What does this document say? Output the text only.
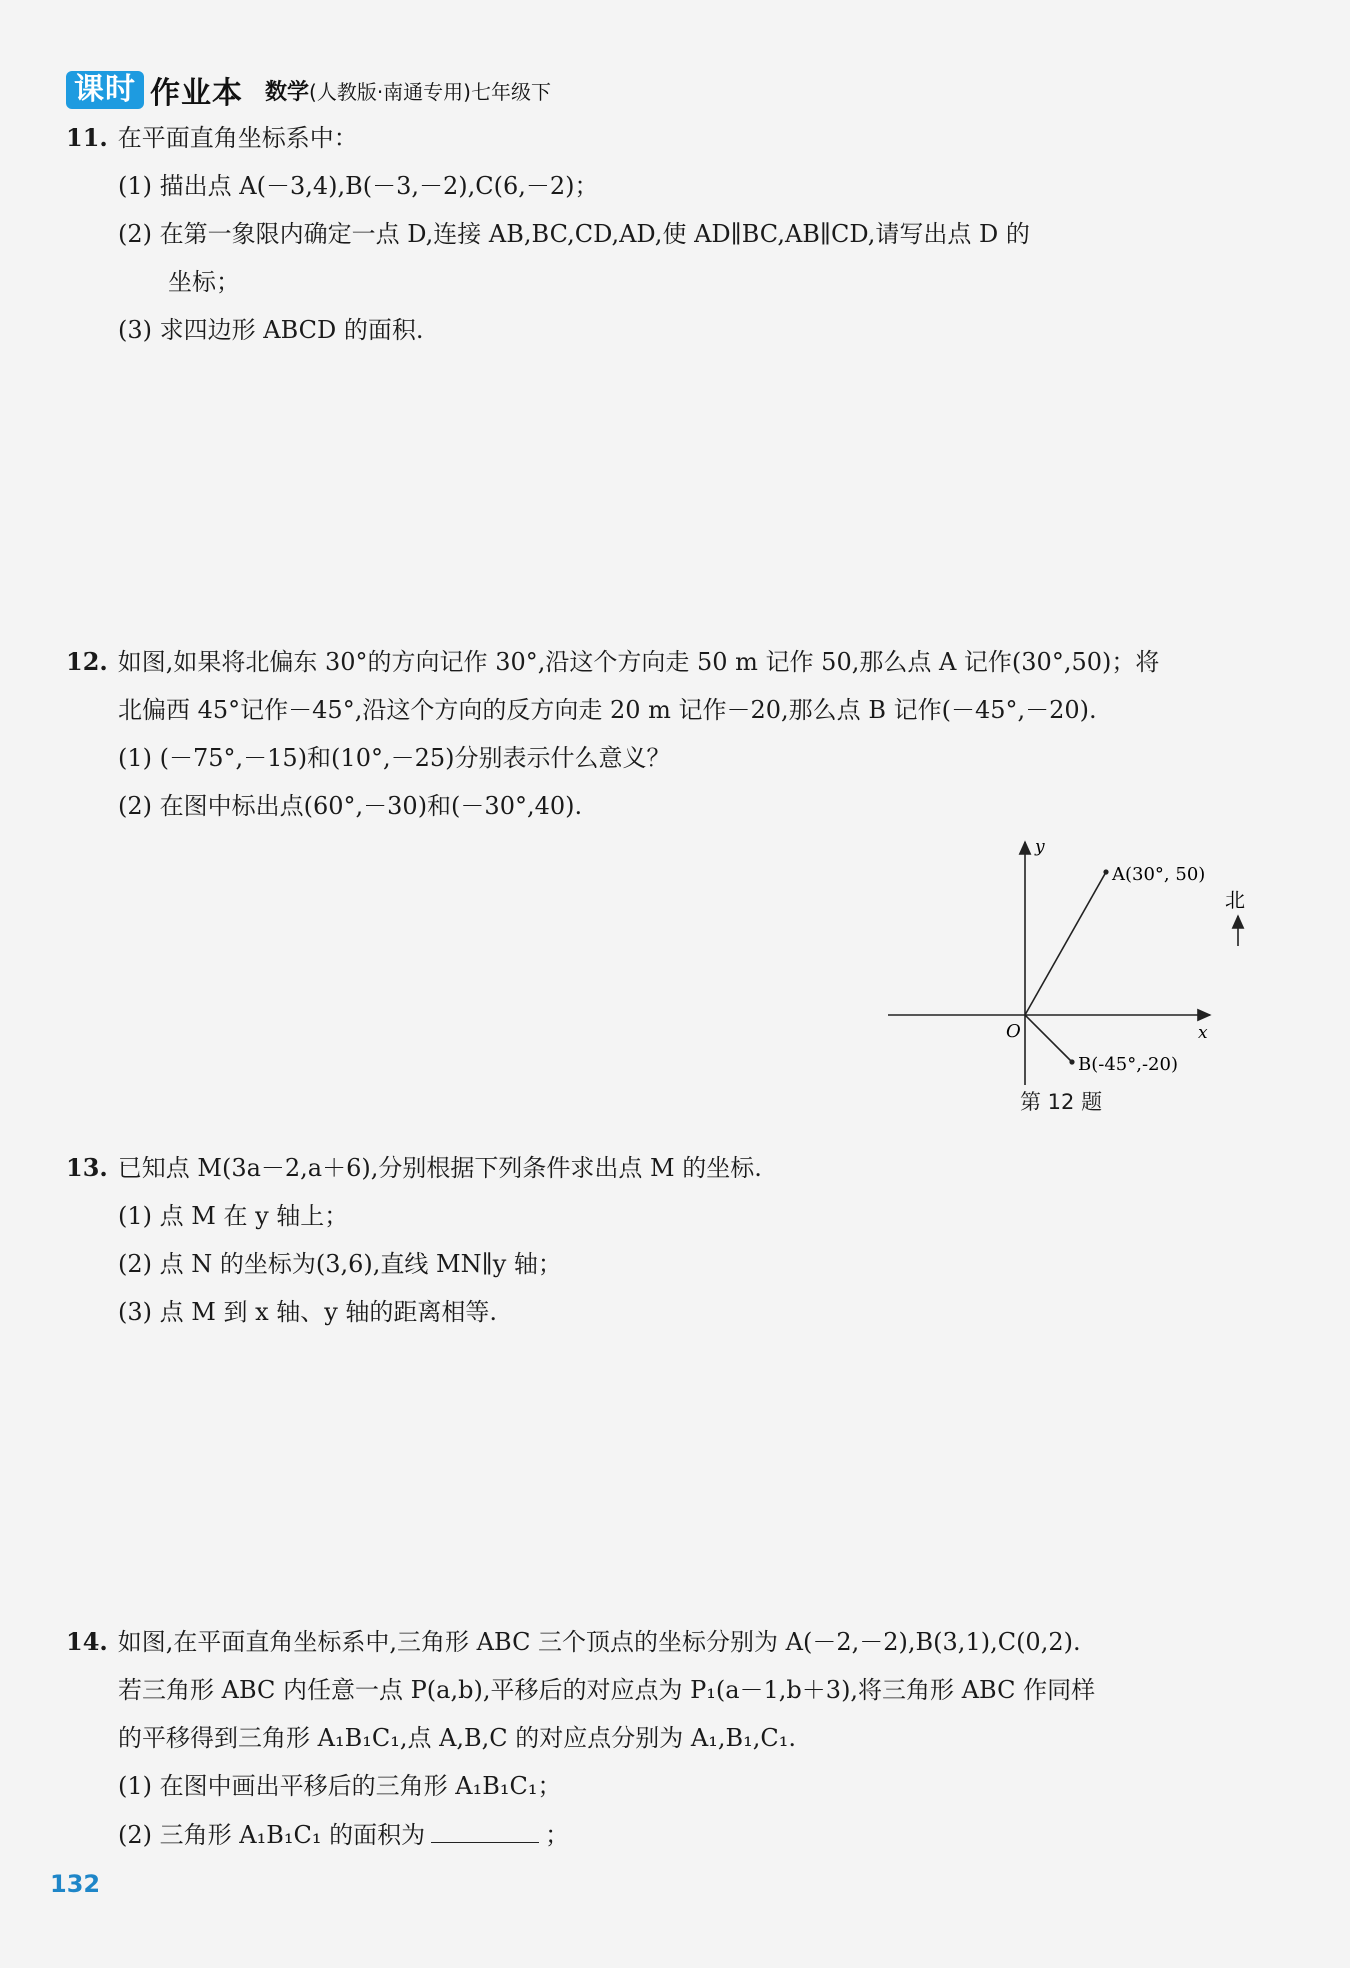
课时 作业本 数学(人教版·南通专用)七年级下
11. 在平面直角坐标系中：
(1) 描出点 A(－3,4),B(－3,－2),C(6,－2)；
(2) 在第一象限内确定一点 D,连接 AB,BC,CD,AD,使 AD∥BC,AB∥CD,请写出点 D 的
坐标；
(3) 求四边形 ABCD 的面积.
12. 如图,如果将北偏东 30°的方向记作 30°,沿这个方向走 50 m 记作 50,那么点 A 记作(30°,50)；将
北偏西 45°记作－45°,沿这个方向的反方向走 20 m 记作－20,那么点 B 记作(－45°,－20).
(1) (－75°,－15)和(10°,－25)分别表示什么意义？
(2) 在图中标出点(60°,－30)和(－30°,40).
y
x
O
A(30°, 50)
B(-45°,-20)
北
第 12 题
13. 已知点 M(3a－2,a＋6),分别根据下列条件求出点 M 的坐标.
(1) 点 M 在 y 轴上；
(2) 点 N 的坐标为(3,6),直线 MN∥y 轴；
(3) 点 M 到 x 轴、y 轴的距离相等.
14. 如图,在平面直角坐标系中,三角形 ABC 三个顶点的坐标分别为 A(－2,－2),B(3,1),C(0,2).
若三角形 ABC 内任意一点 P(a,b),平移后的对应点为 P₁(a－1,b＋3),将三角形 ABC 作同样
的平移得到三角形 A₁B₁C₁,点 A,B,C 的对应点分别为 A₁,B₁,C₁.
(1) 在图中画出平移后的三角形 A₁B₁C₁；
(2) 三角形 A₁B₁C₁ 的面积为	；
132
